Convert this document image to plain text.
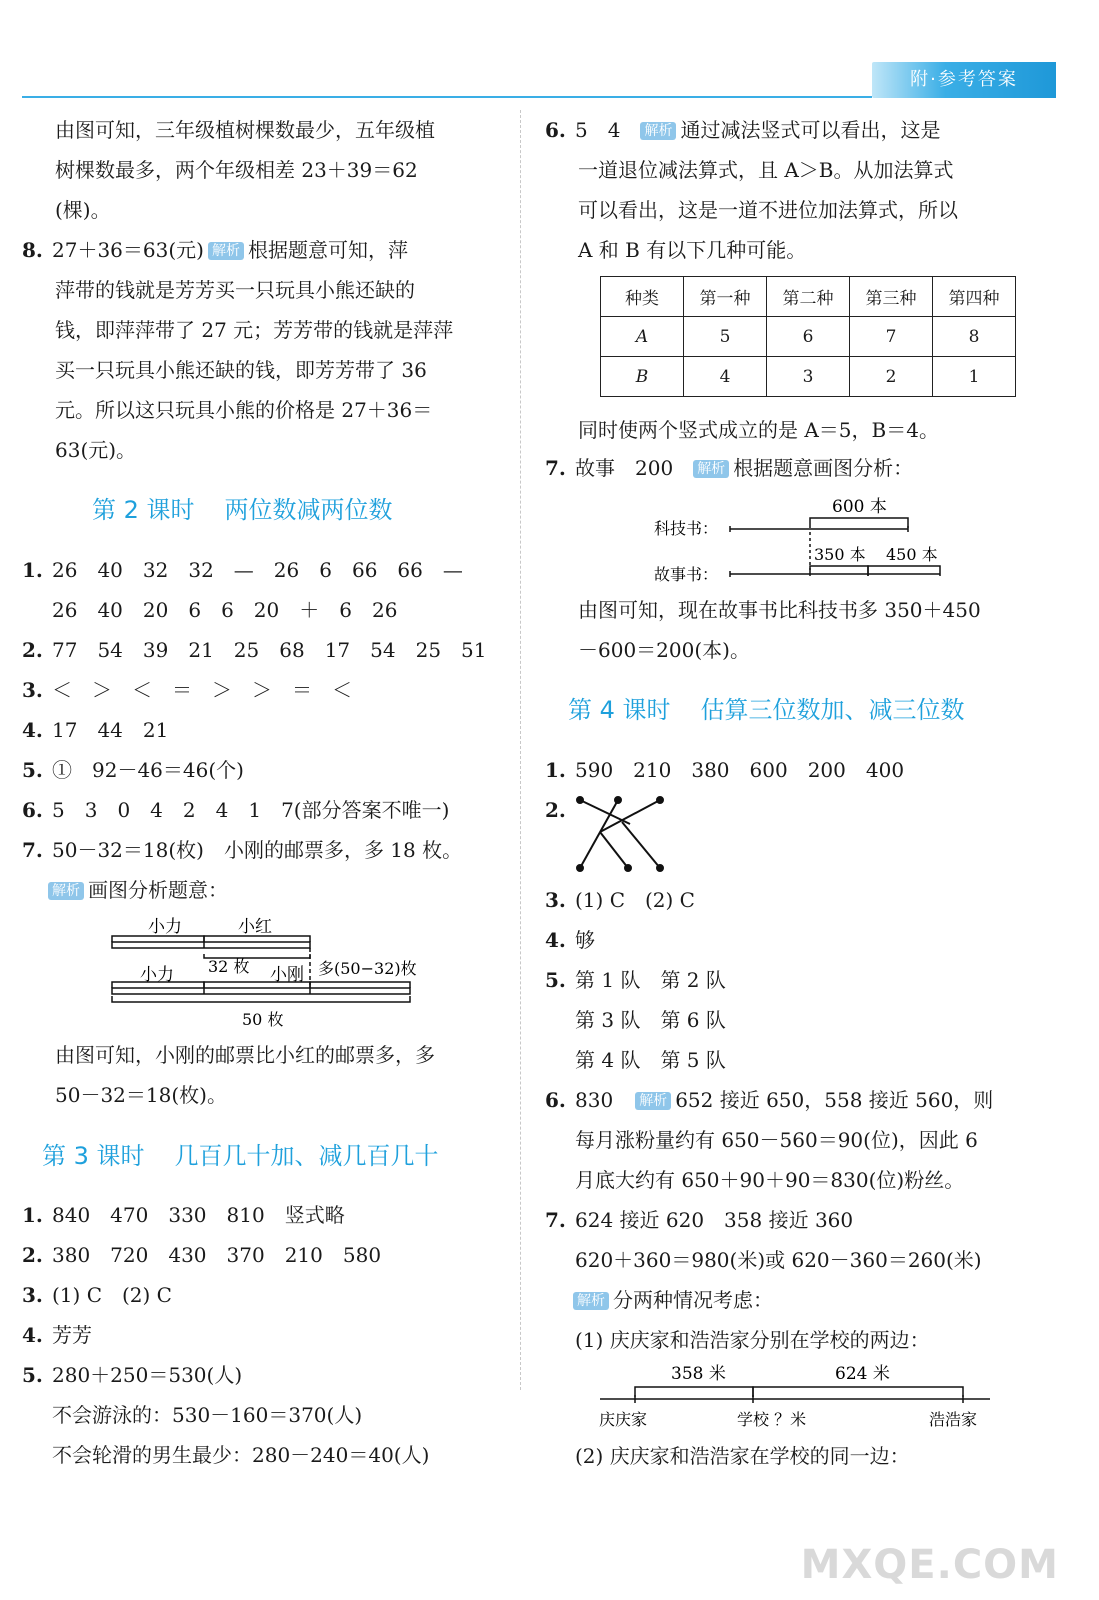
附·参考答案
由图可知，三年级植树棵数最少，五年级植
树棵数最多，两个年级相差 23＋39＝62
(棵)。
8. 27＋36＝63(元) 解析 根据题意可知，萍
萍带的钱就是芳芳买一只玩具小熊还缺的
钱，即萍萍带了 27 元；芳芳带的钱就是萍萍
买一只玩具小熊还缺的钱，即芳芳带了 36
元。所以这只玩具小熊的价格是 27＋36＝
63(元)。
第 2 课时 两位数减两位数
1. 26　40　32　32　—　26　6　66　66　—
26　40　20　6　6　20　＋　6　26
2. 77　54　39　21　25　68　17　54　25　51
3. ＜　＞　＜　＝　＞　＞　＝　＜
4. 17　44　21
5. ①　92－46＝46(个)
6. 5　3　0　4　2　4　1　7(部分答案不唯一)
7. 50－32＝18(枚)　小刚的邮票多，多 18 枚。
解析 画图分析题意：
小力	小红
32 枚
小力	小刚 多(50−32)枚
50 枚
由图可知，小刚的邮票比小红的邮票多，多
50－32＝18(枚)。
第 3 课时 几百几十加、减几百几十
1. 840　470　330　810　竖式略
2. 380　720　430　370　210　580
3. (1) C　(2) C
4. 芳芳
5. 280＋250＝530(人)
不会游泳的：530－160＝370(人)
不会轮滑的男生最少：280－240＝40(人)
6. 5　4 解析 通过减法竖式可以看出，这是
一道退位减法算式，且 A＞B。从加法算式
可以看出，这是一道不进位加法算式，所以
A 和 B 有以下几种可能。
种类	第一种	第二种	第三种	第四种
A	5	6	7	8
B	4	3	2	1
同时使两个竖式成立的是 A＝5，B＝4。
7. 故事　200 解析 根据题意画图分析：
600 本
科技书：
故事书：
350 本 450 本
由图可知，现在故事书比科技书多 350＋450
－600＝200(本)。
第 4 课时 估算三位数加、减三位数
1. 590　210　380　600　200　400
2.
3. (1) C　(2) C
4. 够
5. 第 1 队　第 2 队
第 3 队　第 6 队
第 4 队　第 5 队
6. 830 解析 652 接近 650，558 接近 560，则
每月涨粉量约有 650－560＝90(位)，因此 6
月底大约有 650＋90＋90＝830(位)粉丝。
7. 624 接近 620　358 接近 360
620＋360＝980(米)或 620－360＝260(米)
解析 分两种情况考虑：
(1) 庆庆家和浩浩家分别在学校的两边：
358 米	624 米
庆庆家	学校 ？米	浩浩家
(2) 庆庆家和浩浩家在学校的同一边：
MXQE.COM
